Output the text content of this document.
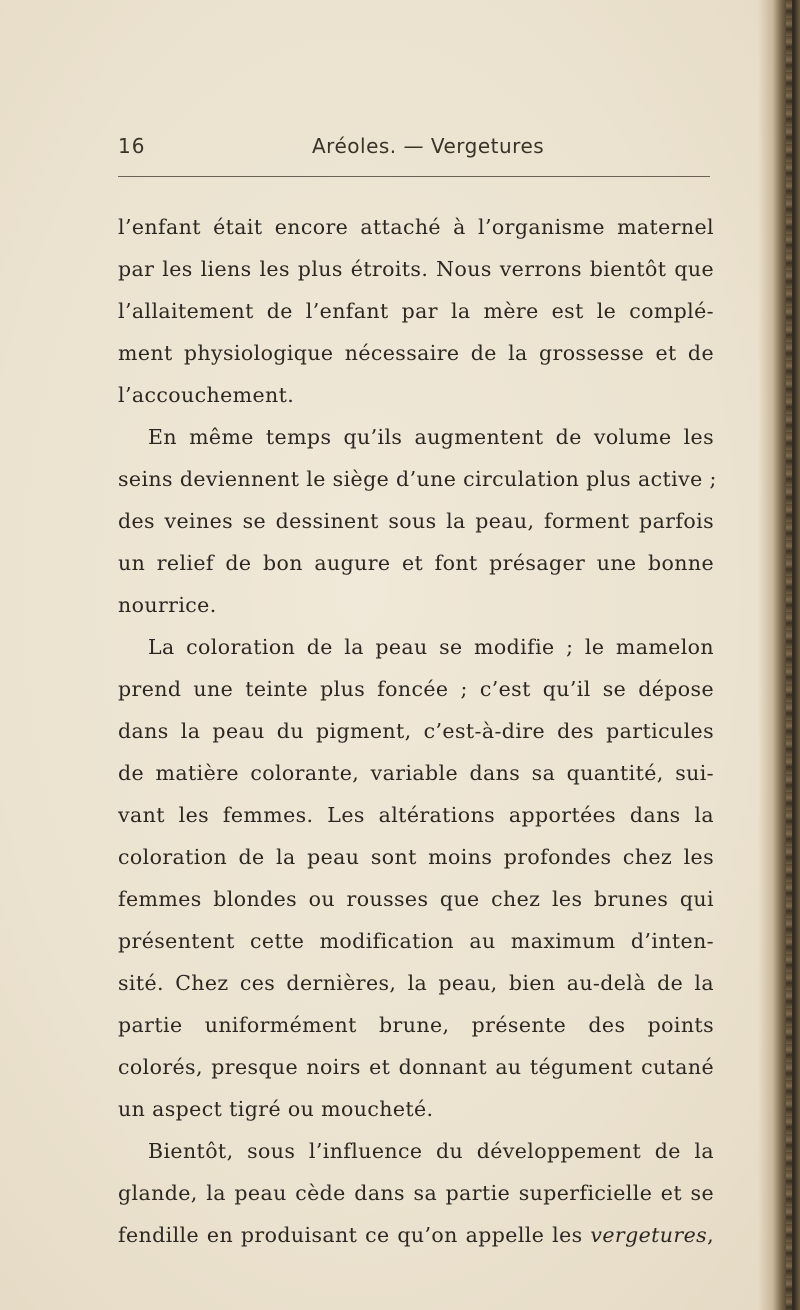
16	Aréoles. — Vergetures
l’enfant était encore attaché à l’organisme maternel
par les liens les plus étroits. Nous verrons bientôt que
l’allaitement de l’enfant par la mère est le complé-
ment physiologique nécessaire de la grossesse et de
l’accouchement.
En même temps qu’ils augmentent de volume les
seins deviennent le siège d’une circulation plus active ;
des veines se dessinent sous la peau, forment parfois
un relief de bon augure et font présager une bonne
nourrice.
La coloration de la peau se modifie ; le mamelon
prend une teinte plus foncée ; c’est qu’il se dépose
dans la peau du pigment, c’est-à-dire des particules
de matière colorante, variable dans sa quantité, sui-
vant les femmes. Les altérations apportées dans la
coloration de la peau sont moins profondes chez les
femmes blondes ou rousses que chez les brunes qui
présentent cette modification au maximum d’inten-
sité. Chez ces dernières, la peau, bien au-delà de la
partie uniformément brune, présente des points
colorés, presque noirs et donnant au tégument cutané
un aspect tigré ou moucheté.
Bientôt, sous l’influence du développement de la
glande, la peau cède dans sa partie superficielle et se
fendille en produisant ce qu’on appelle les vergetures,
